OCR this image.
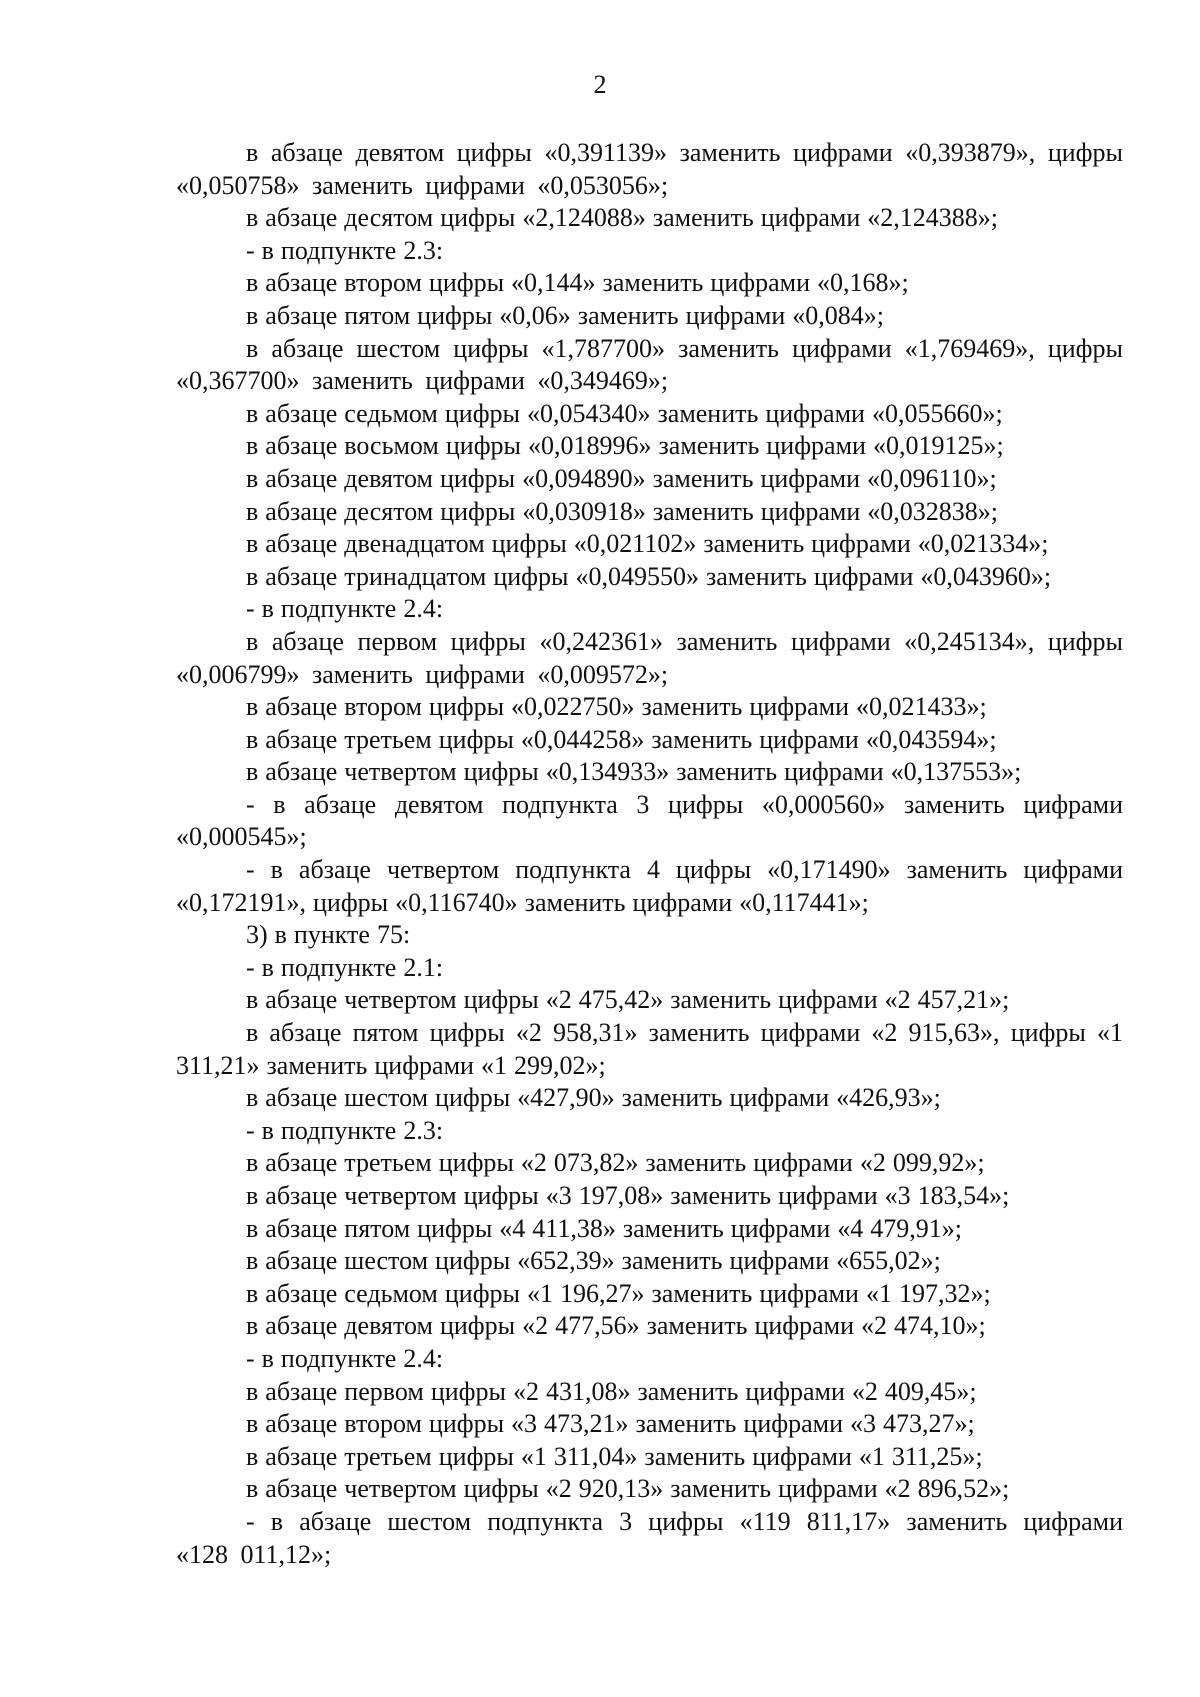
2

в абзаце девятом цифры «0,391139» заменить цифрами «0,393879», цифры «0,050758» заменить цифрами «0,053056»;

в абзаце десятом цифры «2,124088» заменить цифрами «2,124388»;

- в подпункте 2.3:

в абзаце втором цифры «0,144» заменить цифрами «0,168»;

в абзаце пятом цифры «0,06» заменить цифрами «0,084»;

в абзаце шестом цифры «1,787700» заменить цифрами «1,769469», цифры «0,367700» заменить цифрами «0,349469»;

в абзаце седьмом цифры «0,054340» заменить цифрами «0,055660»;

в абзаце восьмом цифры «0,018996» заменить цифрами «0,019125»;

в абзаце девятом цифры «0,094890» заменить цифрами «0,096110»;

в абзаце десятом цифры «0,030918» заменить цифрами «0,032838»;

в абзаце двенадцатом цифры «0,021102» заменить цифрами «0,021334»;

в абзаце тринадцатом цифры «0,049550» заменить цифрами «0,043960»;

- в подпункте 2.4:

в абзаце первом цифры «0,242361» заменить цифрами «0,245134», цифры «0,006799» заменить цифрами «0,009572»;

в абзаце втором цифры «0,022750» заменить цифрами «0,021433»;

в абзаце третьем цифры «0,044258» заменить цифрами «0,043594»;

в абзаце четвертом цифры «0,134933» заменить цифрами «0,137553»;

- в абзаце девятом подпункта 3 цифры «0,000560» заменить цифрами «0,000545»;

- в абзаце четвертом подпункта 4 цифры «0,171490» заменить цифрами «0,172191», цифры «0,116740» заменить цифрами «0,117441»;

3) в пункте 75:

- в подпункте 2.1:

в абзаце четвертом цифры «2 475,42» заменить цифрами «2 457,21»;

в абзаце пятом цифры «2 958,31» заменить цифрами «2 915,63», цифры «1 311,21» заменить цифрами «1 299,02»;

в абзаце шестом цифры «427,90» заменить цифрами «426,93»;

- в подпункте 2.3:

в абзаце третьем цифры «2 073,82» заменить цифрами «2 099,92»;

в абзаце четвертом цифры «3 197,08» заменить цифрами «3 183,54»;

в абзаце пятом цифры «4 411,38» заменить цифрами «4 479,91»;

в абзаце шестом цифры «652,39» заменить цифрами «655,02»;

в абзаце седьмом цифры «1 196,27» заменить цифрами «1 197,32»;

в абзаце девятом цифры «2 477,56» заменить цифрами «2 474,10»;

- в подпункте 2.4:

в абзаце первом цифры «2 431,08» заменить цифрами «2 409,45»;

в абзаце втором цифры «3 473,21» заменить цифрами «3 473,27»;

в абзаце третьем цифры «1 311,04» заменить цифрами «1 311,25»;

в абзаце четвертом цифры «2 920,13» заменить цифрами «2 896,52»;

- в абзаце шестом подпункта 3 цифры «119 811,17» заменить цифрами «128 011,12»;
